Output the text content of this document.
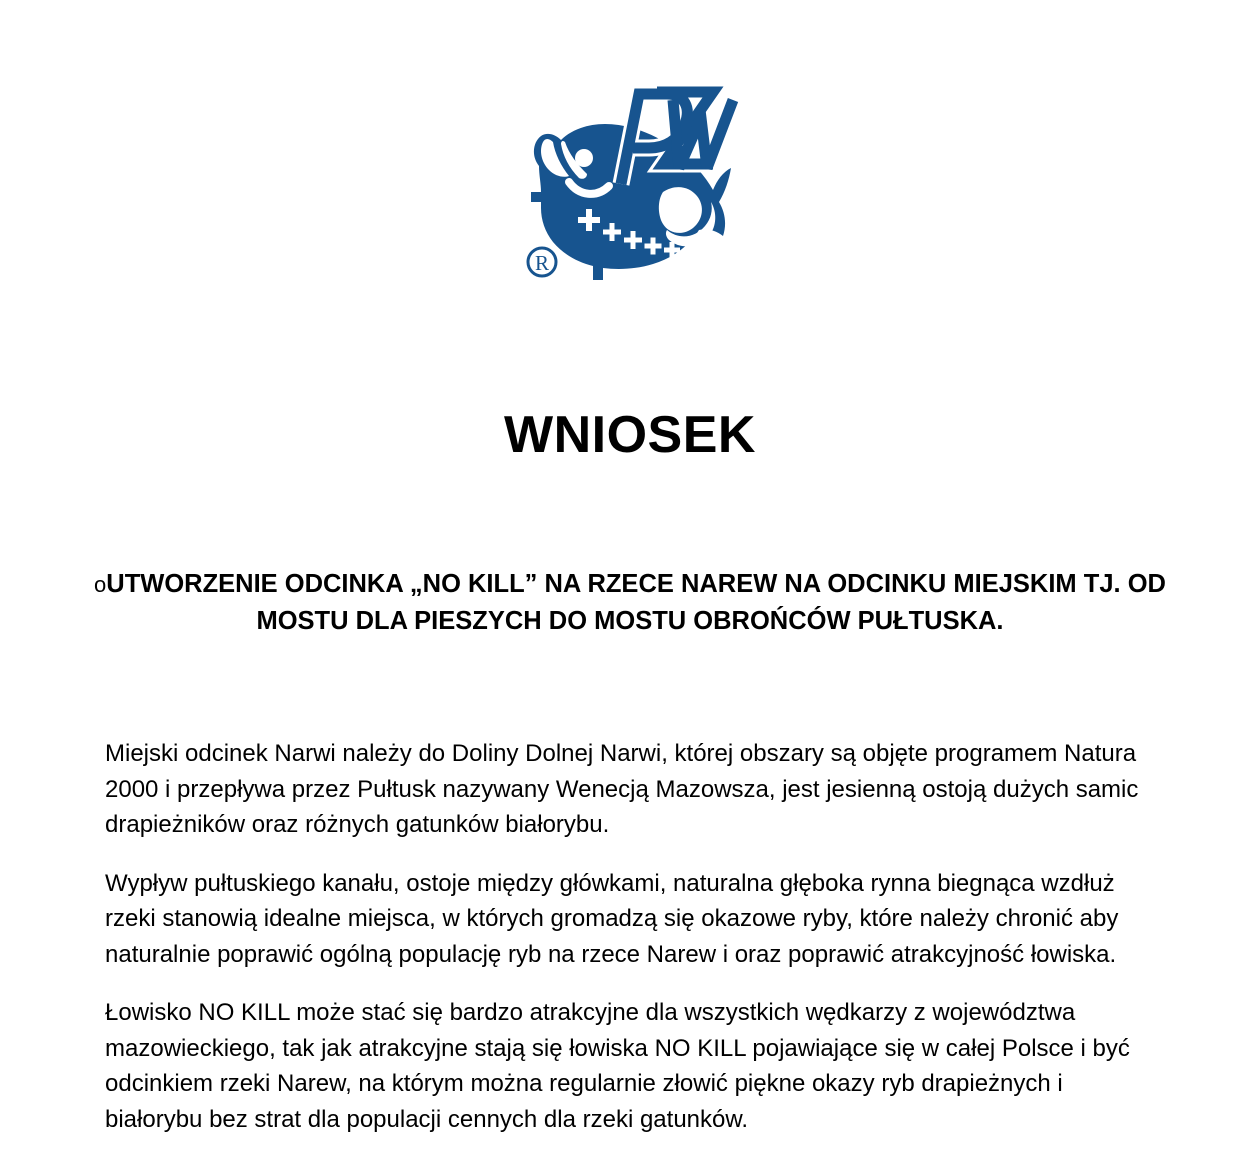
R
WNIOSEK
oUTWORZENIE ODCINKA „NO KILL” NA RZECE NAREW NA ODCINKU MIEJSKIM TJ. OD MOSTU DLA PIESZYCH DO MOSTU OBROŃCÓW PUŁTUSKA.

Miejski odcinek Narwi należy do Doliny Dolnej Narwi, której obszary są objęte programem Natura 2000 i przepływa przez Pułtusk nazywany Wenecją Mazowsza, jest jesienną ostoją dużych samic drapieżników oraz różnych gatunków białorybu.

Wypływ pułtuskiego kanału, ostoje między główkami, naturalna głęboka rynna biegnąca wzdłuż rzeki stanowią idealne miejsca, w których gromadzą się okazowe ryby, które należy chronić aby naturalnie poprawić ogólną populację ryb na rzece Narew i oraz poprawić atrakcyjność łowiska.

Łowisko NO KILL może stać się bardzo atrakcyjne dla wszystkich wędkarzy z województwa mazowieckiego, tak jak atrakcyjne stają się łowiska NO KILL pojawiające się w całej Polsce i być odcinkiem rzeki Narew, na którym można regularnie złowić piękne okazy ryb drapieżnych i białorybu bez strat dla populacji cennych dla rzeki gatunków.
